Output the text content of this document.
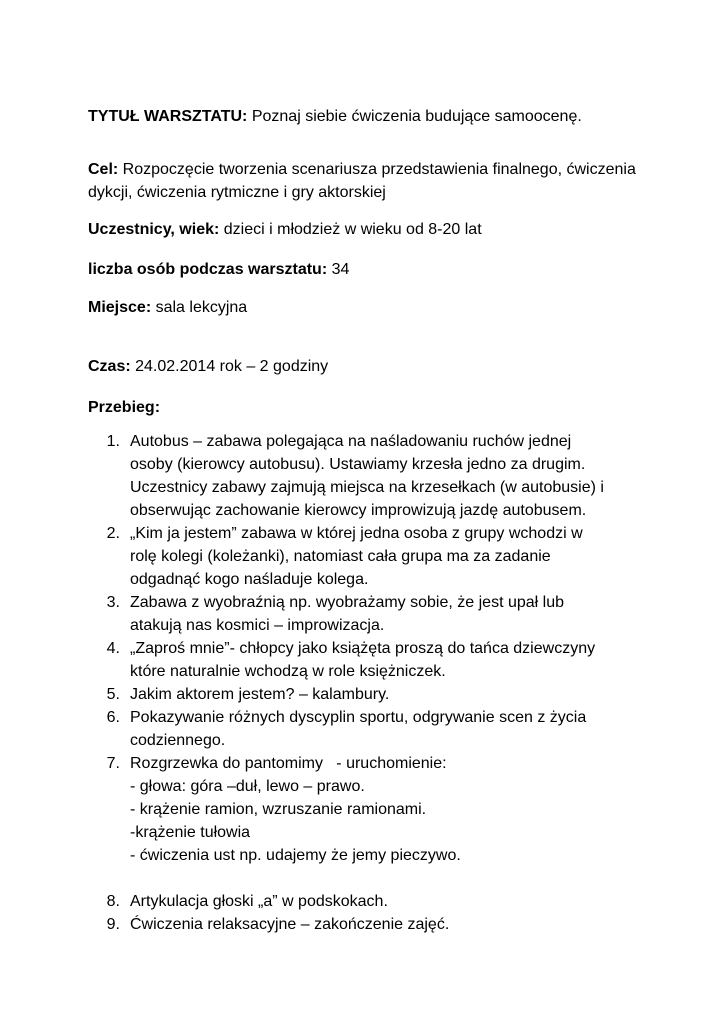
TYTUŁ WARSZTATU: Poznaj siebie ćwiczenia budujące samoocenę.
Cel: Rozpoczęcie tworzenia scenariusza przedstawienia finalnego, ćwiczenia dykcji, ćwiczenia rytmiczne i gry aktorskiej
Uczestnicy, wiek: dzieci i młodzież w wieku od 8-20 lat
liczba osób podczas warsztatu: 34
Miejsce: sala lekcyjna
Czas: 24.02.2014 rok – 2 godziny
Przebieg:
1. Autobus – zabawa polegająca na naśladowaniu ruchów jednej
osoby (kierowcy autobusu). Ustawiamy krzesła jedno za drugim.
Uczestnicy zabawy zajmują miejsca na krzesełkach (w autobusie) i
obserwując zachowanie kierowcy improwizują jazdę autobusem.
2. „Kim ja jestem” zabawa w której jedna osoba z grupy wchodzi w
rolę kolegi (koleżanki), natomiast cała grupa ma za zadanie
odgadnąć kogo naśladuje kolega.
3. Zabawa z wyobraźnią np. wyobrażamy sobie, że jest upał lub
atakują nas kosmici – improwizacja.
4. „Zaproś mnie”- chłopcy jako książęta proszą do tańca dziewczyny
które naturalnie wchodzą w role księżniczek.
5. Jakim aktorem jestem? – kalambury.
6. Pokazywanie różnych dyscyplin sportu, odgrywanie scen z życia
codziennego.
7. Rozgrzewka do pantomimy   - uruchomienie:
- głowa: góra –duł, lewo – prawo.
- krążenie ramion, wzruszanie ramionami.
-krążenie tułowia
- ćwiczenia ust np. udajemy że jemy pieczywo.
8. Artykulacja głoski „a” w podskokach.
9. Ćwiczenia relaksacyjne – zakończenie zajęć.
